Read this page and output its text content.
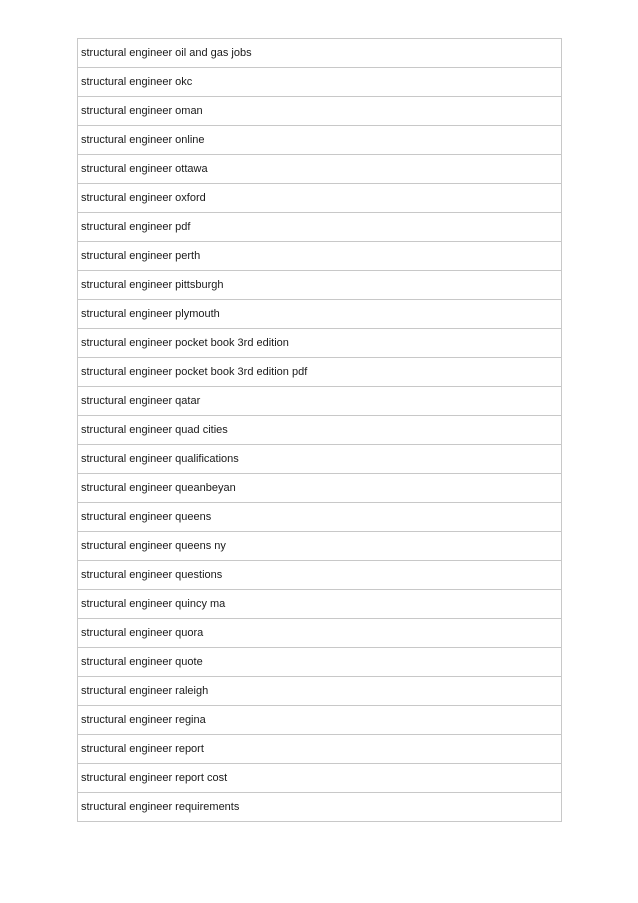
structural engineer oil and gas jobs
structural engineer okc
structural engineer oman
structural engineer online
structural engineer ottawa
structural engineer oxford
structural engineer pdf
structural engineer perth
structural engineer pittsburgh
structural engineer plymouth
structural engineer pocket book 3rd edition
structural engineer pocket book 3rd edition pdf
structural engineer qatar
structural engineer quad cities
structural engineer qualifications
structural engineer queanbeyan
structural engineer queens
structural engineer queens ny
structural engineer questions
structural engineer quincy ma
structural engineer quora
structural engineer quote
structural engineer raleigh
structural engineer regina
structural engineer report
structural engineer report cost
structural engineer requirements
